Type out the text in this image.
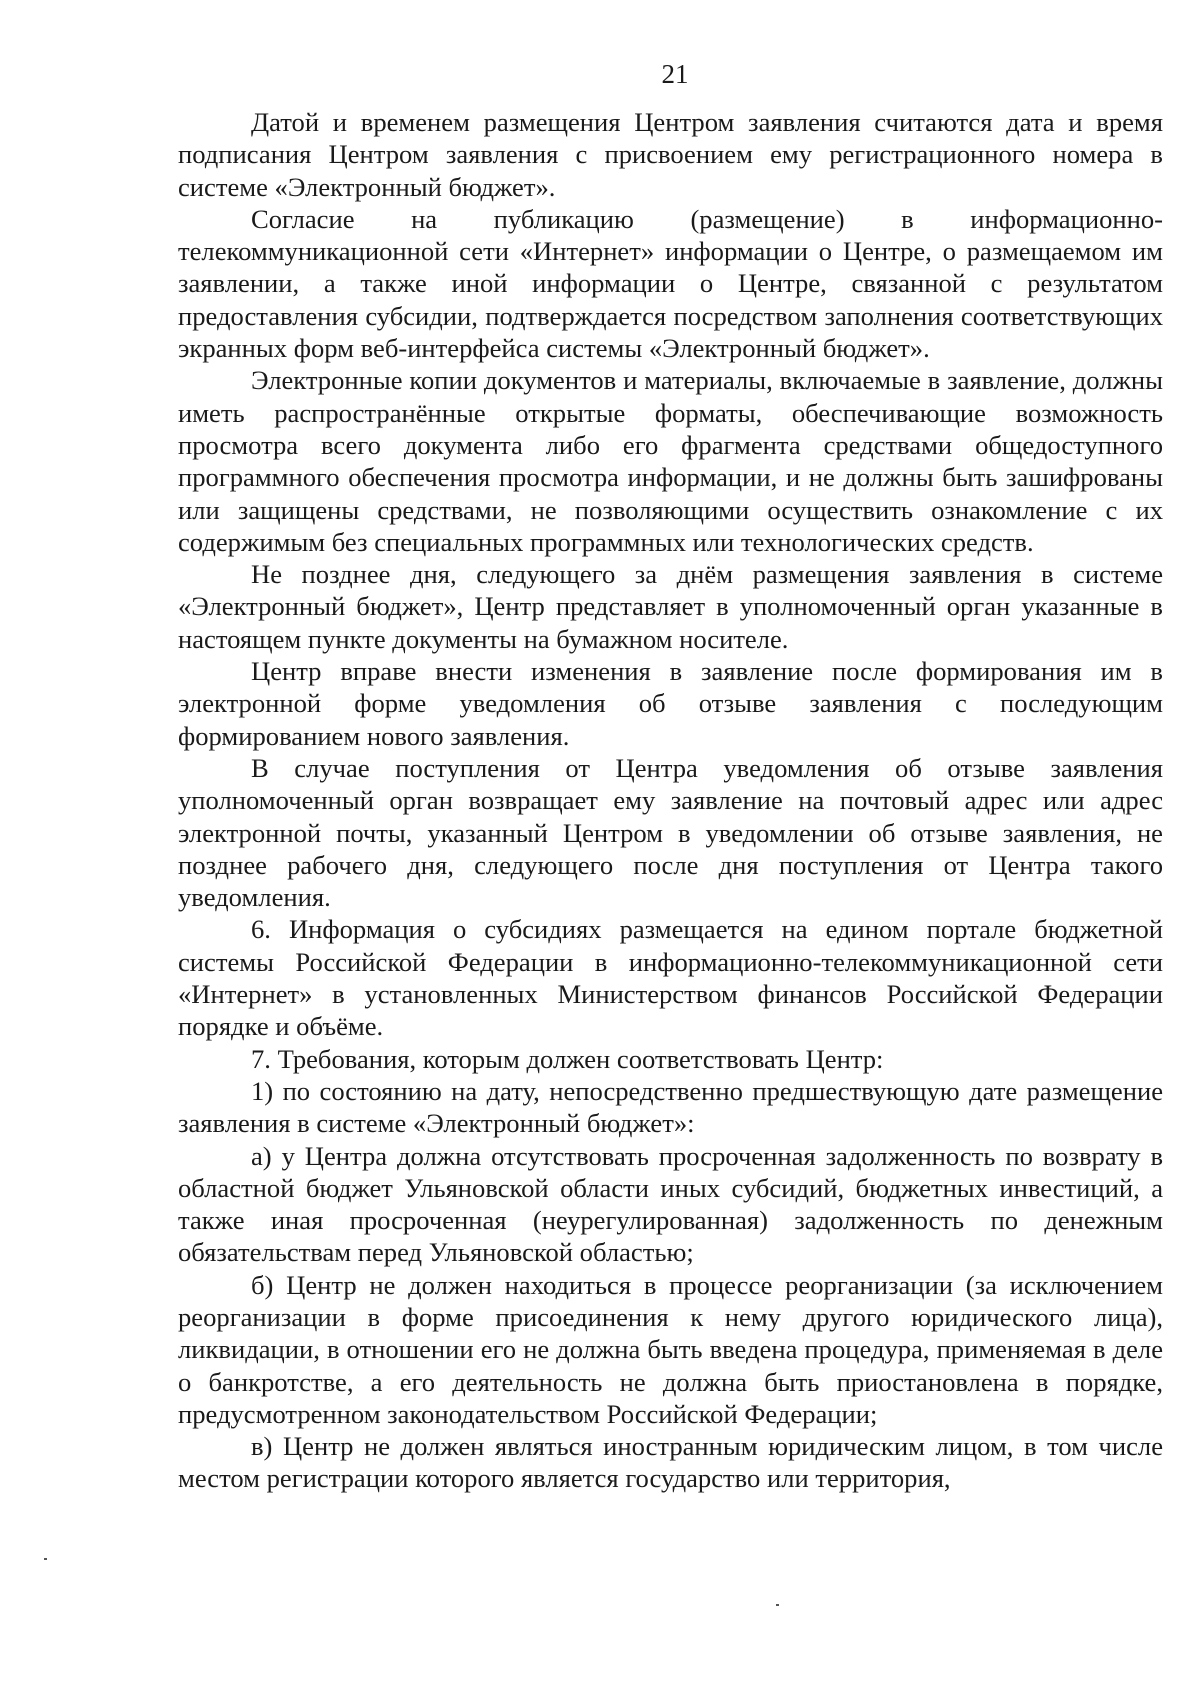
21

Датой и временем размещения Центром заявления считаются дата и время подписания Центром заявления с присвоением ему регистрационного номера в системе «Электронный бюджет».

Согласие на публикацию (размещение) в информационно-телекоммуникационной сети «Интернет» информации о Центре, о размещаемом им заявлении, а также иной информации о Центре, связанной с результатом предоставления субсидии, подтверждается посредством заполнения соответствующих экранных форм веб-интерфейса системы «Электронный бюджет».

Электронные копии документов и материалы, включаемые в заявление, должны иметь распространённые открытые форматы, обеспечивающие возможность просмотра всего документа либо его фрагмента средствами общедоступного программного обеспечения просмотра информации, и не должны быть зашифрованы или защищены средствами, не позволяющими осуществить ознакомление с их содержимым без специальных программных или технологических средств.

Не позднее дня, следующего за днём размещения заявления в системе «Электронный бюджет», Центр представляет в уполномоченный орган указанные в настоящем пункте документы на бумажном носителе.

Центр вправе внести изменения в заявление после формирования им в электронной форме уведомления об отзыве заявления с последующим формированием нового заявления.

В случае поступления от Центра уведомления об отзыве заявления уполномоченный орган возвращает ему заявление на почтовый адрес или адрес электронной почты, указанный Центром в уведомлении об отзыве заявления, не позднее рабочего дня, следующего после дня поступления от Центра такого уведомления.

6. Информация о субсидиях размещается на едином портале бюджетной системы Российской Федерации в информационно-телекоммуникационной сети «Интернет» в установленных Министерством финансов Российской Федерации порядке и объёме.

7. Требования, которым должен соответствовать Центр:

1) по состоянию на дату, непосредственно предшествующую дате размещение заявления в системе «Электронный бюджет»:

а) у Центра должна отсутствовать просроченная задолженность по возврату в областной бюджет Ульяновской области иных субсидий, бюджетных инвестиций, а также иная просроченная (неурегулированная) задолженность по денежным обязательствам перед Ульяновской областью;

б) Центр не должен находиться в процессе реорганизации (за исключением реорганизации в форме присоединения к нему другого юридического лица), ликвидации, в отношении его не должна быть введена процедура, применяемая в деле о банкротстве, а его деятельность не должна быть приостановлена в порядке, предусмотренном законодательством Российской Федерации;

в) Центр не должен являться иностранным юридическим лицом, в том числе местом регистрации которого является государство или территория,
